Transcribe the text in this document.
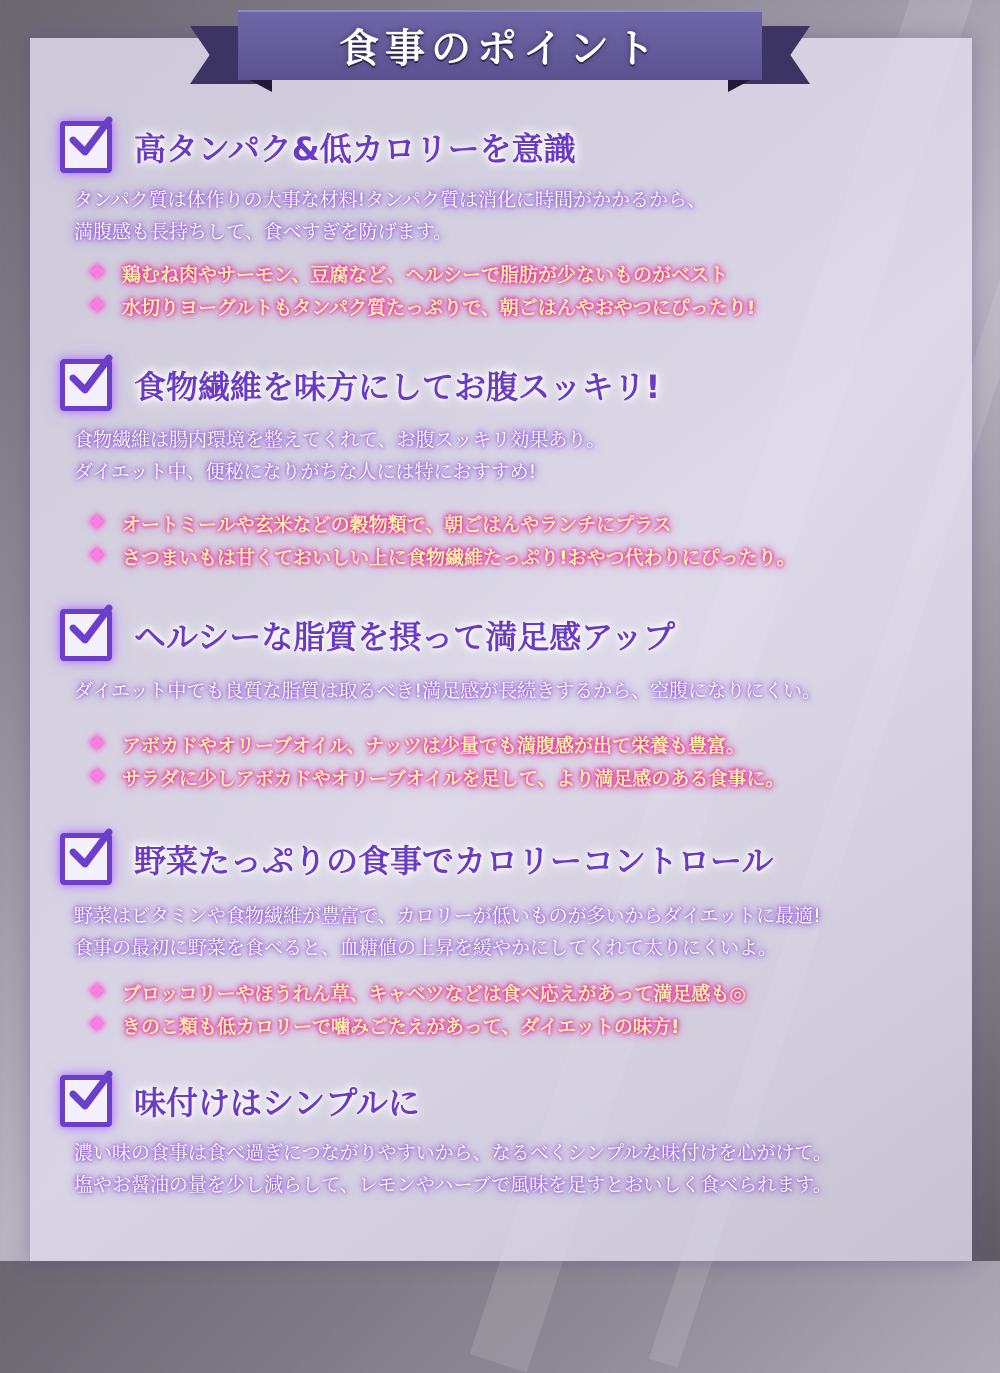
食事のポイント
高タンパク&低カロリーを意識
タンパク質は体作りの大事な材料!タンパク質は消化に時間がかかるから、
満腹感も長持ちして、食べすぎを防げます。
✦ 鶏むね肉やサーモン、豆腐など、ヘルシーで脂肪が少ないものがベスト
✦ 水切りヨーグルトもタンパク質たっぷりで、朝ごはんやおやつにぴったり!
食物繊維を味方にしてお腹スッキリ!
食物繊維は腸内環境を整えてくれて、お腹スッキリ効果あり。
ダイエット中、便秘になりがちな人には特におすすめ!
✦ オートミールや玄米などの穀物類で、朝ごはんやランチにプラス
✦ さつまいもは甘くておいしい上に食物繊維たっぷり!おやつ代わりにぴったり。
ヘルシーな脂質を摂って満足感アップ
ダイエット中でも良質な脂質は取るべき!満足感が長続きするから、空腹になりにくい。
✦ アボカドやオリーブオイル、ナッツは少量でも満腹感が出て栄養も豊富。
✦ サラダに少しアボカドやオリーブオイルを足して、より満足感のある食事に。
野菜たっぷりの食事でカロリーコントロール
野菜はビタミンや食物繊維が豊富で、カロリーが低いものが多いからダイエットに最適!
食事の最初に野菜を食べると、血糖値の上昇を緩やかにしてくれて太りにくいよ。
✦ ブロッコリーやほうれん草、キャベツなどは食べ応えがあって満足感も◎
✦ きのこ類も低カロリーで噛みごたえがあって、ダイエットの味方!
味付けはシンプルに
濃い味の食事は食べ過ぎにつながりやすいから、なるべくシンプルな味付けを心がけて。
塩やお醤油の量を少し減らして、レモンやハーブで風味を足すとおいしく食べられます。
